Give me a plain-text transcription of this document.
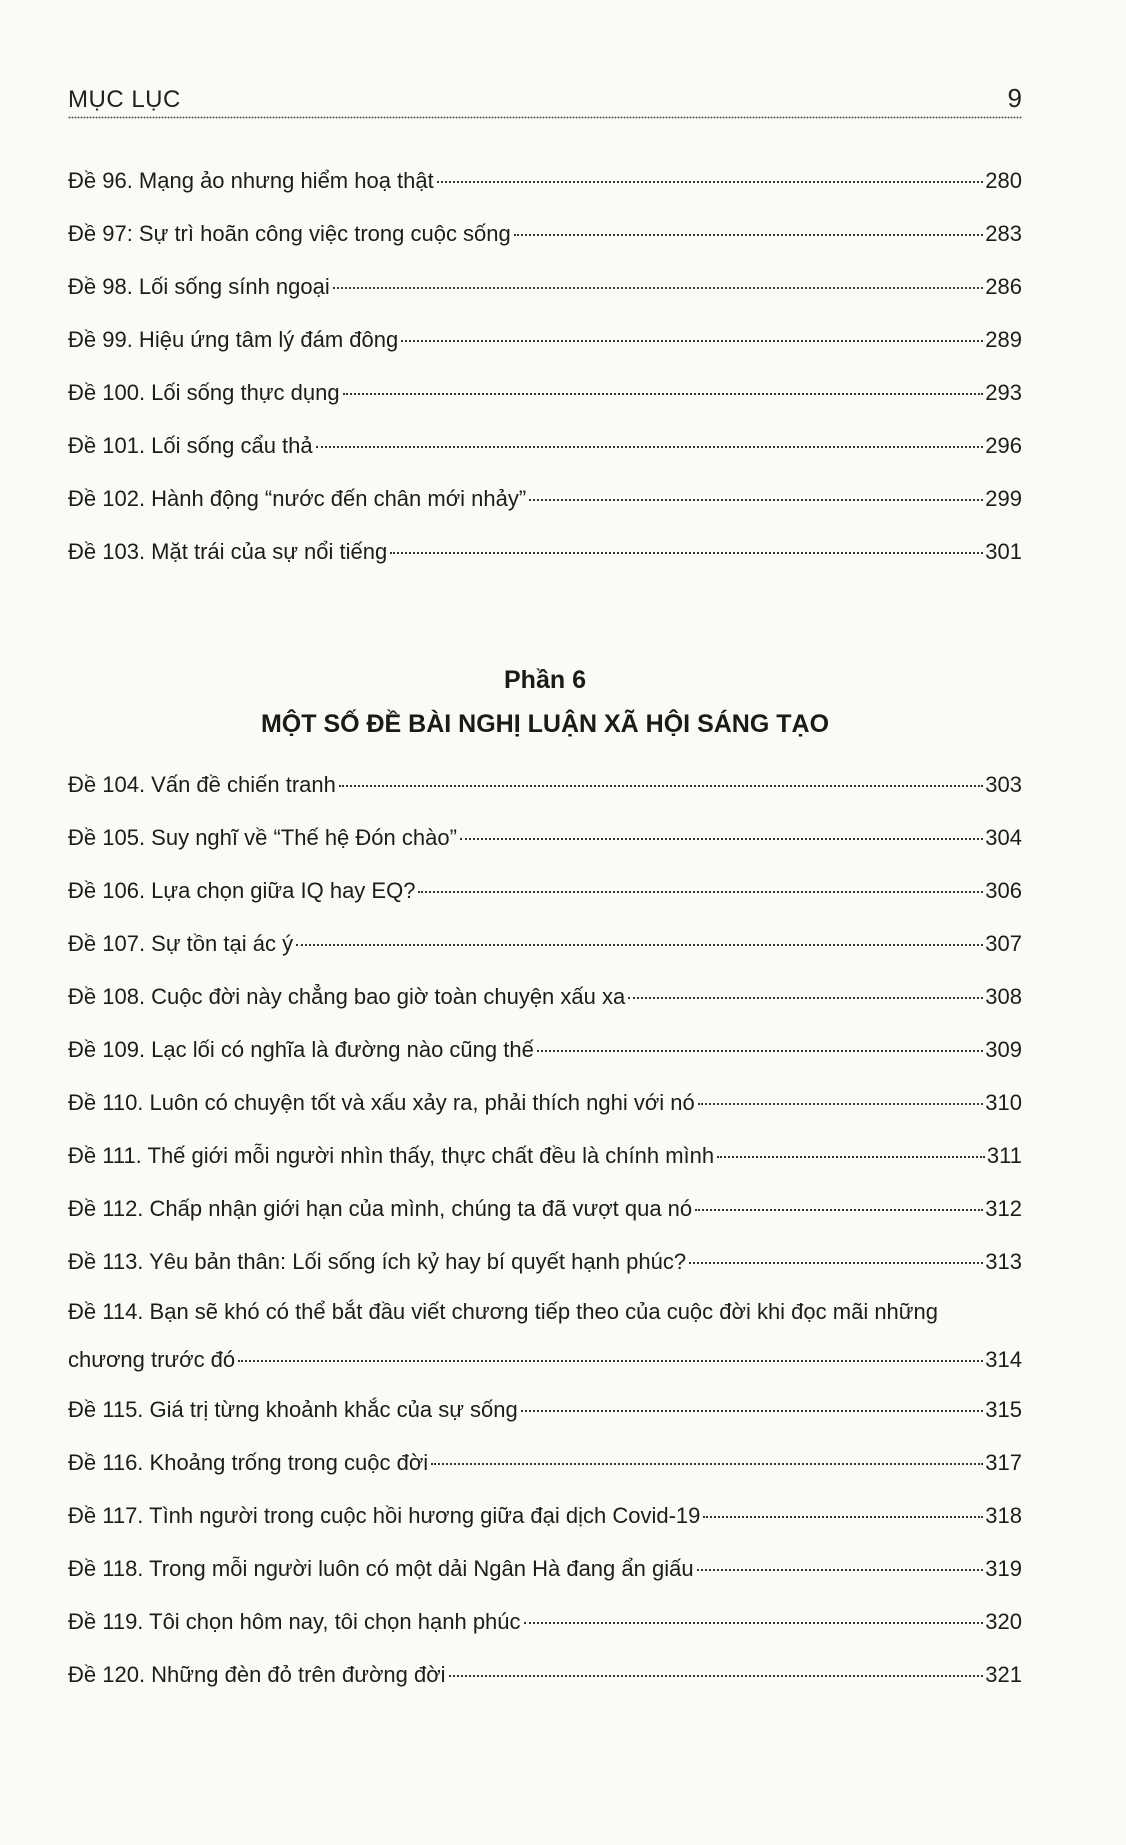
MỤC LỤC	9
Đề 96. Mạng ảo nhưng hiểm hoạ thật	280
Đề 97: Sự trì hoãn công việc trong cuộc sống	283
Đề 98. Lối sống sính ngoại	286
Đề 99. Hiệu ứng tâm lý đám đông	289
Đề 100. Lối sống thực dụng	293
Đề 101. Lối sống cẩu thả	296
Đề 102. Hành động “nước đến chân mới nhảy”	299
Đề 103. Mặt trái của sự nổi tiếng	301
Phần 6
MỘT SỐ ĐỀ BÀI NGHỊ LUẬN XÃ HỘI SÁNG TẠO
Đề 104. Vấn đề chiến tranh	303
Đề 105. Suy nghĩ về “Thế hệ Đón chào”	304
Đề 106. Lựa chọn giữa IQ hay EQ?	306
Đề 107. Sự tồn tại ác ý	307
Đề 108. Cuộc đời này chẳng bao giờ toàn chuyện xấu xa	308
Đề 109. Lạc lối có nghĩa là đường nào cũng thế	309
Đề 110. Luôn có chuyện tốt và xấu xảy ra, phải thích nghi với nó	310
Đề 111. Thế giới mỗi người nhìn thấy, thực chất đều là chính mình	311
Đề 112. Chấp nhận giới hạn của mình, chúng ta đã vượt qua nó	312
Đề 113. Yêu bản thân: Lối sống ích kỷ hay bí quyết hạnh phúc?	313
Đề 114. Bạn sẽ khó có thể bắt đầu viết chương tiếp theo của cuộc đời khi đọc mãi những
chương trước đó	314
Đề 115. Giá trị từng khoảnh khắc của sự sống	315
Đề 116. Khoảng trống trong cuộc đời	317
Đề 117. Tình người trong cuộc hồi hương giữa đại dịch Covid-19	318
Đề 118. Trong mỗi người luôn có một dải Ngân Hà đang ẩn giấu	319
Đề 119. Tôi chọn hôm nay, tôi chọn hạnh phúc	320
Đề 120. Những đèn đỏ trên đường đời	321
